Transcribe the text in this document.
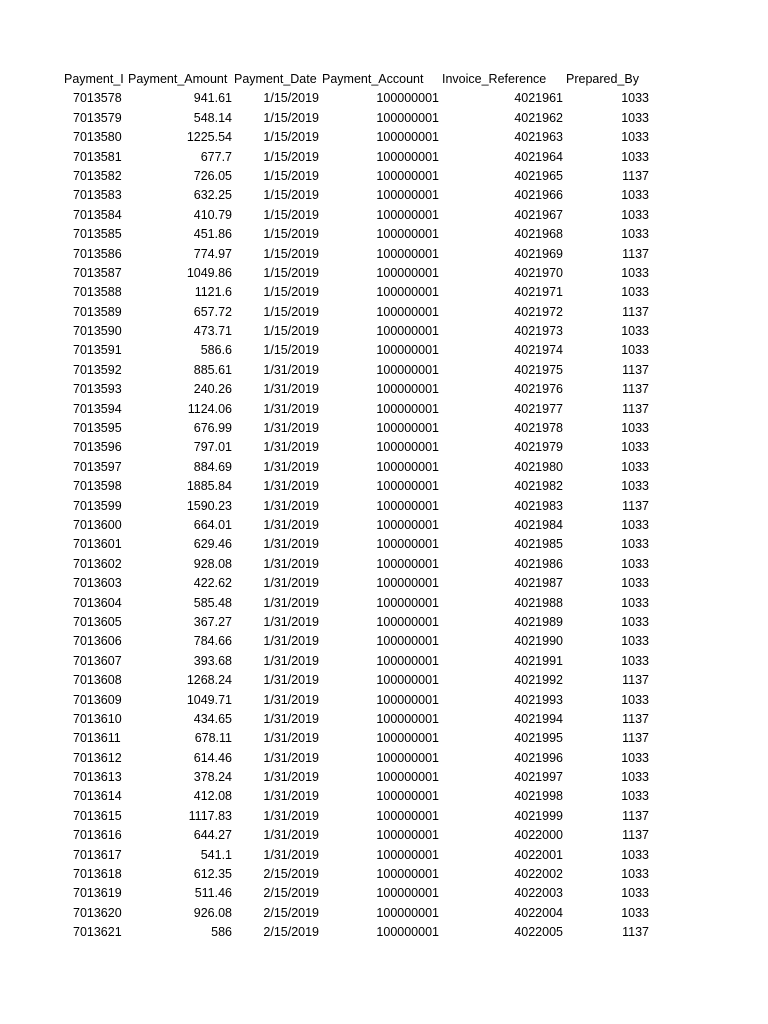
Payment_I Payment_Amount Payment_Date Payment_Account	Invoice_Reference	Prepared_By
7013578	941.61	1/15/2019	100000001	4021961	1033
7013579	548.14	1/15/2019	100000001	4021962	1033
7013580	1225.54	1/15/2019	100000001	4021963	1033
7013581	677.7	1/15/2019	100000001	4021964	1033
7013582	726.05	1/15/2019	100000001	4021965	1137
7013583	632.25	1/15/2019	100000001	4021966	1033
7013584	410.79	1/15/2019	100000001	4021967	1033
7013585	451.86	1/15/2019	100000001	4021968	1033
7013586	774.97	1/15/2019	100000001	4021969	1137
7013587	1049.86	1/15/2019	100000001	4021970	1033
7013588	1121.6	1/15/2019	100000001	4021971	1033
7013589	657.72	1/15/2019	100000001	4021972	1137
7013590	473.71	1/15/2019	100000001	4021973	1033
7013591	586.6	1/15/2019	100000001	4021974	1033
7013592	885.61	1/31/2019	100000001	4021975	1137
7013593	240.26	1/31/2019	100000001	4021976	1137
7013594	1124.06	1/31/2019	100000001	4021977	1137
7013595	676.99	1/31/2019	100000001	4021978	1033
7013596	797.01	1/31/2019	100000001	4021979	1033
7013597	884.69	1/31/2019	100000001	4021980	1033
7013598	1885.84	1/31/2019	100000001	4021982	1033
7013599	1590.23	1/31/2019	100000001	4021983	1137
7013600	664.01	1/31/2019	100000001	4021984	1033
7013601	629.46	1/31/2019	100000001	4021985	1033
7013602	928.08	1/31/2019	100000001	4021986	1033
7013603	422.62	1/31/2019	100000001	4021987	1033
7013604	585.48	1/31/2019	100000001	4021988	1033
7013605	367.27	1/31/2019	100000001	4021989	1033
7013606	784.66	1/31/2019	100000001	4021990	1033
7013607	393.68	1/31/2019	100000001	4021991	1033
7013608	1268.24	1/31/2019	100000001	4021992	1137
7013609	1049.71	1/31/2019	100000001	4021993	1033
7013610	434.65	1/31/2019	100000001	4021994	1137
7013611	678.11	1/31/2019	100000001	4021995	1137
7013612	614.46	1/31/2019	100000001	4021996	1033
7013613	378.24	1/31/2019	100000001	4021997	1033
7013614	412.08	1/31/2019	100000001	4021998	1033
7013615	1117.83	1/31/2019	100000001	4021999	1137
7013616	644.27	1/31/2019	100000001	4022000	1137
7013617	541.1	1/31/2019	100000001	4022001	1033
7013618	612.35	2/15/2019	100000001	4022002	1033
7013619	511.46	2/15/2019	100000001	4022003	1033
7013620	926.08	2/15/2019	100000001	4022004	1033
7013621	586	2/15/2019	100000001	4022005	1137
